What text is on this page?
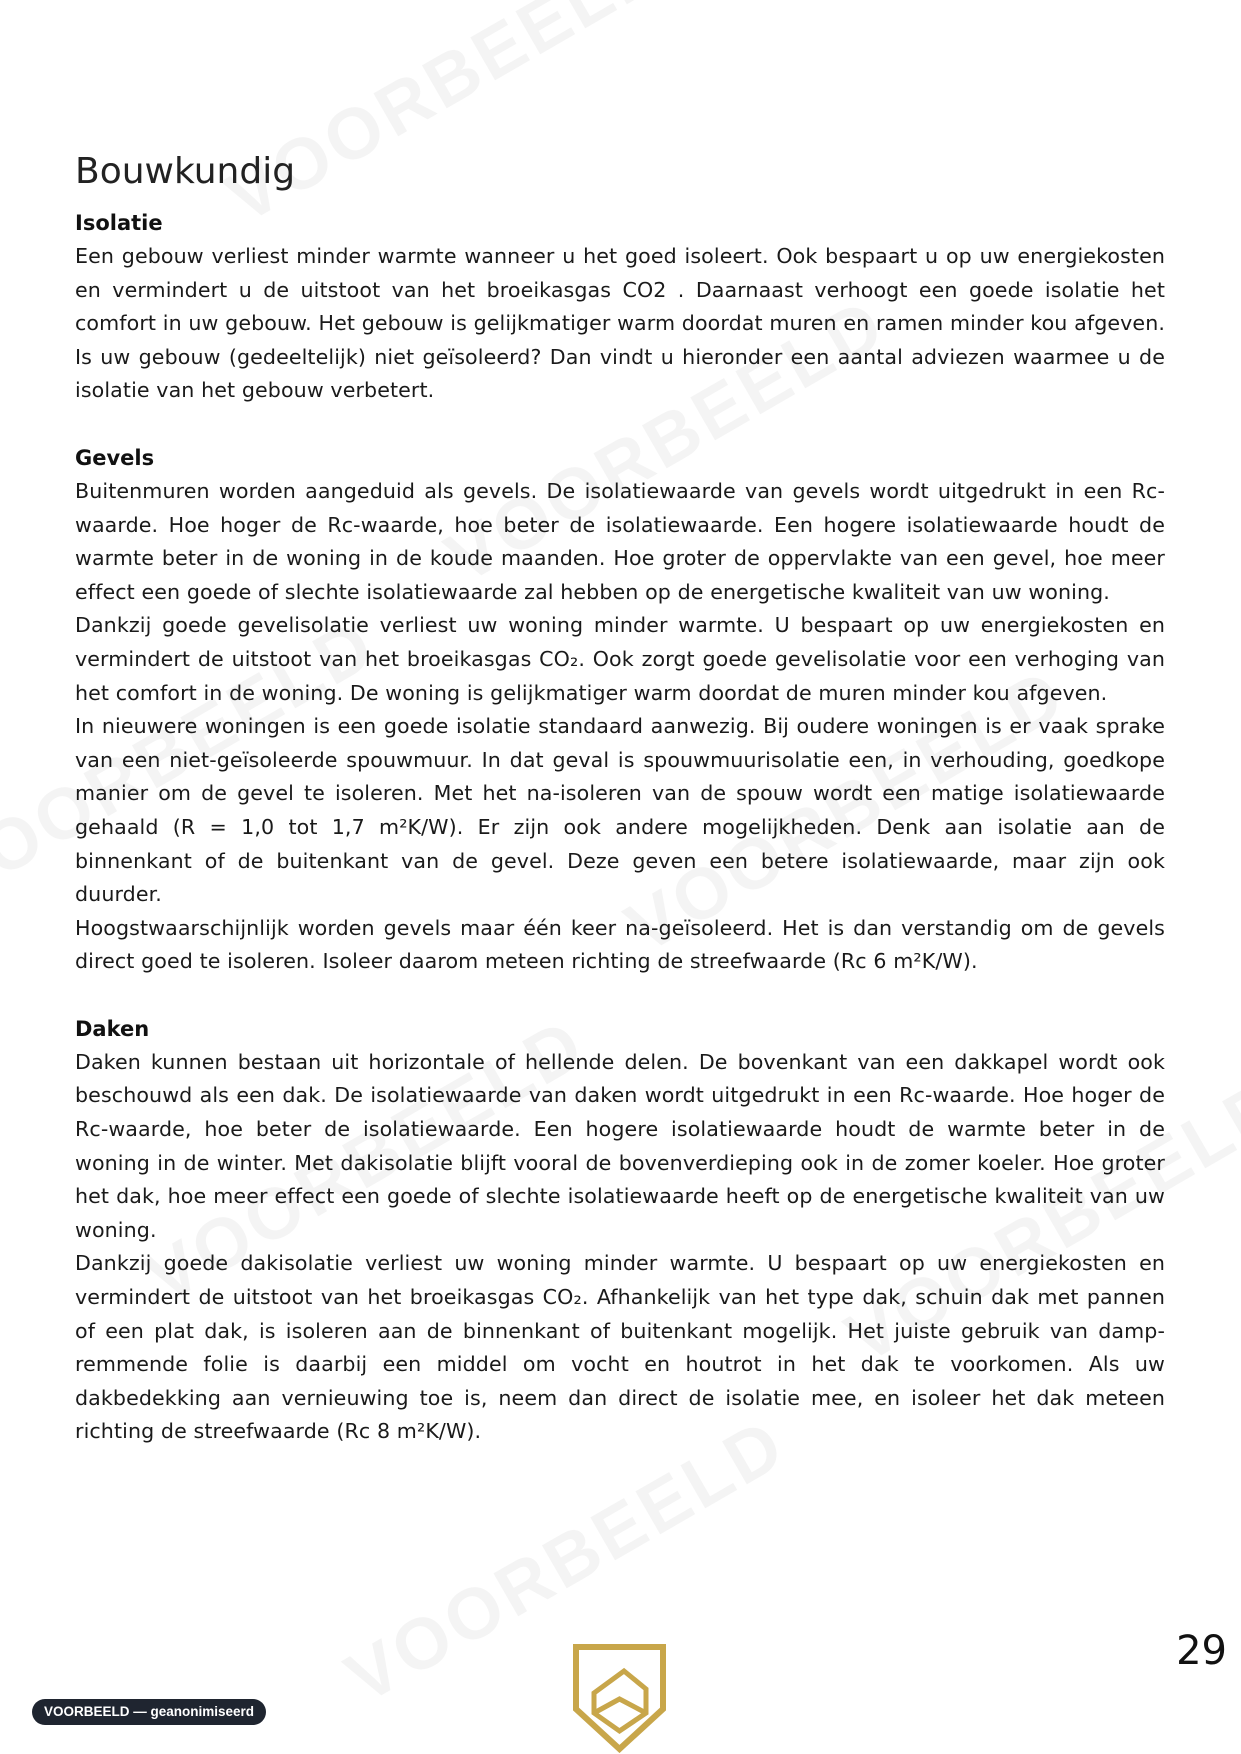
Bouwkundig
Isolatie

Een gebouw verliest minder warmte wanneer u het goed isoleert. Ook bespaart u op uw energiekosten en vermindert u de uitstoot van het broeikasgas CO2 . Daarnaast verhoogt een goede isolatie het comfort in uw gebouw. Het gebouw is gelijkmatiger warm doordat muren en ramen minder kou afgeven. Is uw gebouw (gedeeltelijk) niet geïsoleerd? Dan vindt u hieronder een aantal adviezen waarmee u de isolatie van het gebouw verbetert.

Gevels

Buitenmuren worden aangeduid als gevels. De isolatiewaarde van gevels wordt uitgedrukt in een Rc-waarde. Hoe hoger de Rc-waarde, hoe beter de isolatiewaarde. Een hogere isolatiewaarde houdt de warmte beter in de woning in de koude maanden. Hoe groter de oppervlakte van een gevel, hoe meer effect een goede of slechte isolatiewaarde zal hebben op de energetische kwaliteit van uw woning.

Dankzij goede gevelisolatie verliest uw woning minder warmte. U bespaart op uw energiekosten en vermindert de uitstoot van het broeikasgas CO₂. Ook zorgt goede gevelisolatie voor een verhoging van het comfort in de woning. De woning is gelijkmatiger warm doordat de muren minder kou afgeven.

In nieuwere woningen is een goede isolatie standaard aanwezig. Bij oudere woningen is er vaak sprake van een niet-geïsoleerde spouwmuur. In dat geval is spouwmuurisolatie een, in verhouding, goedkope manier om de gevel te isoleren. Met het na-isoleren van de spouw wordt een matige isolatiewaarde gehaald (R = 1,0 tot 1,7 m²K/W). Er zijn ook andere mogelijkheden. Denk aan isolatie aan de binnenkant of de buitenkant van de gevel. Deze geven een betere isolatiewaarde, maar zijn ook duurder.

Hoogstwaarschijnlijk worden gevels maar één keer na-geïsoleerd. Het is dan verstandig om de gevels direct goed te isoleren. Isoleer daarom meteen richting de streefwaarde (Rc 6 m²K/W).

Daken

Daken kunnen bestaan uit horizontale of hellende delen. De bovenkant van een dakkapel wordt ook beschouwd als een dak. De isolatiewaarde van daken wordt uitgedrukt in een Rc-waarde. Hoe hoger de Rc-waarde, hoe beter de isolatiewaarde. Een hogere isolatiewaarde houdt de warmte beter in de woning in de winter. Met dakisolatie blijft vooral de bovenverdieping ook in de zomer koeler. Hoe groter het dak, hoe meer effect een goede of slechte isolatiewaarde heeft op de energetische kwaliteit van uw woning.

Dankzij goede dakisolatie verliest uw woning minder warmte. U bespaart op uw energiekosten en vermindert de uitstoot van het broeikasgas CO₂. Afhankelijk van het type dak, schuin dak met pannen of een plat dak, is isoleren aan de binnenkant of buitenkant mogelijk. Het juiste gebruik van damp-remmende folie is daarbij een middel om vocht en houtrot in het dak te voorkomen. Als uw dakbedekking aan vernieuwing toe is, neem dan direct de isolatie mee, en isoleer het dak meteen richting de streefwaarde (Rc 8 m²K/W).

VOORBEELD — geanonimiseerd
29
